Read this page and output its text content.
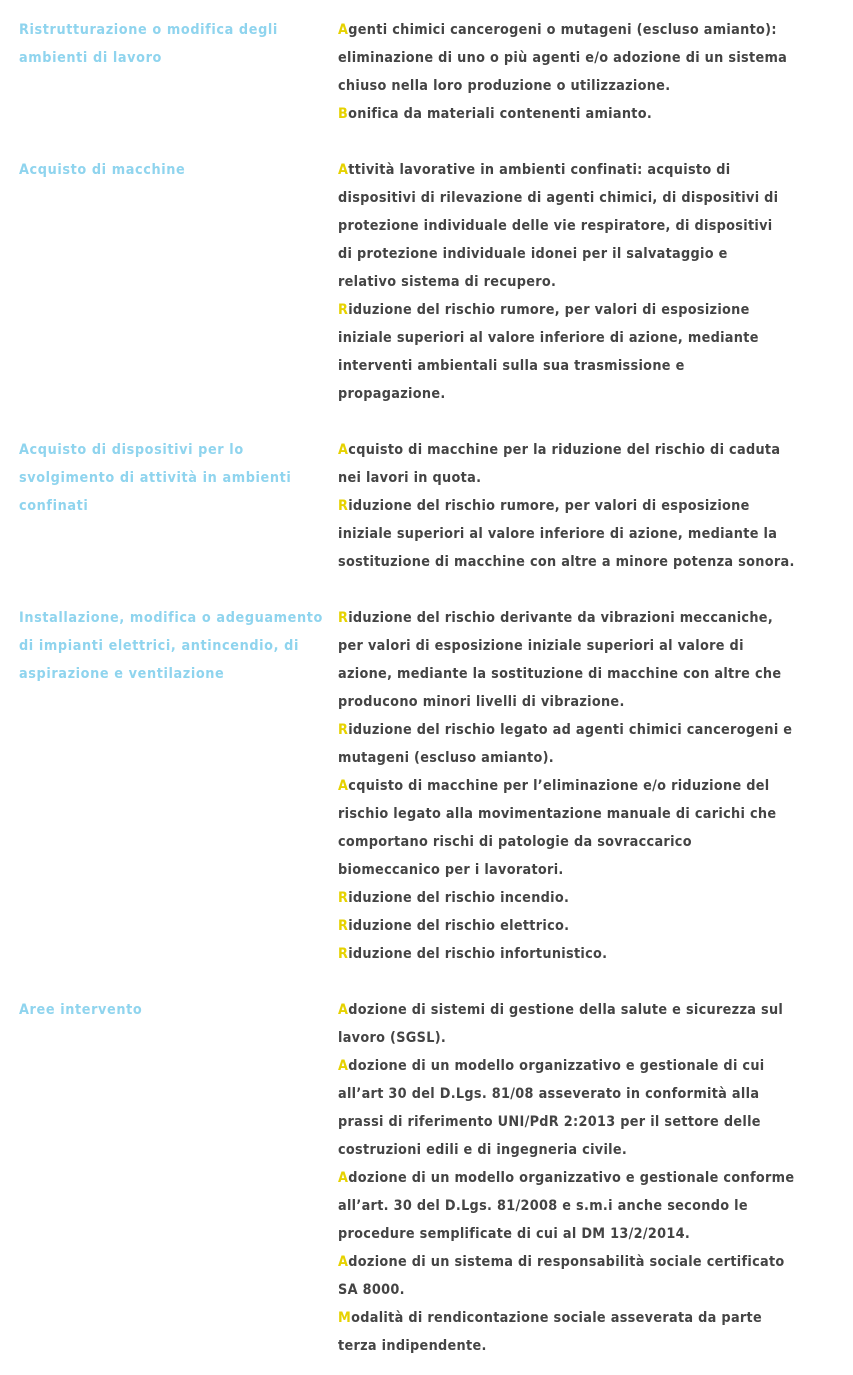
Ristrutturazione o modifica degli ambienti di lavoro

Agenti chimici cancerogeni o mutageni (escluso amianto):
eliminazione di uno o più agenti e/o adozione di un sistema
chiuso nella loro produzione o utilizzazione.

Bonifica da materiali contenenti amianto.

Acquisto di macchine	Attività lavorative in ambienti confinati: acquisto di
dispositivi di rilevazione di agenti chimici, di dispositivi di
protezione individuale delle vie respiratore, di dispositivi
di protezione individuale idonei per il salvataggio e
relativo sistema di recupero.

Riduzione del rischio rumore, per valori di esposizione
iniziale superiori al valore inferiore di azione, mediante
interventi ambientali sulla sua trasmissione e
propagazione.

Acquisto di dispositivi per lo svolgimento di attività in ambienti confinati

Acquisto di macchine per la riduzione del rischio di caduta
nei lavori in quota.

Riduzione del rischio rumore, per valori di esposizione
iniziale superiori al valore inferiore di azione, mediante la
sostituzione di macchine con altre a minore potenza sonora.

Installazione, modifica o adeguamento di impianti elettrici, antincendio, di aspirazione e ventilazione

Riduzione del rischio derivante da vibrazioni meccaniche,
per valori di esposizione iniziale superiori al valore di
azione, mediante la sostituzione di macchine con altre che
producono minori livelli di vibrazione.

Riduzione del rischio legato ad agenti chimici cancerogeni e
mutageni (escluso amianto).

Acquisto di macchine per l’eliminazione e/o riduzione del
rischio legato alla movimentazione manuale di carichi che
comportano rischi di patologie da sovraccarico
biomeccanico per i lavoratori.

Riduzione del rischio incendio.

Riduzione del rischio elettrico.

Riduzione del rischio infortunistico.

Aree intervento	Adozione di sistemi di gestione della salute e sicurezza sul
lavoro (SGSL).

Adozione di un modello organizzativo e gestionale di cui
all’art 30 del D.Lgs. 81/08 asseverato in conformità alla
prassi di riferimento UNI/PdR 2:2013 per il settore delle
costruzioni edili e di ingegneria civile.

Adozione di un modello organizzativo e gestionale conforme
all’art. 30 del D.Lgs. 81/2008 e s.m.i anche secondo le
procedure semplificate di cui al DM 13/2/2014.

Adozione di un sistema di responsabilità sociale certificato
SA 8000.

Modalità di rendicontazione sociale asseverata da parte
terza indipendente.
